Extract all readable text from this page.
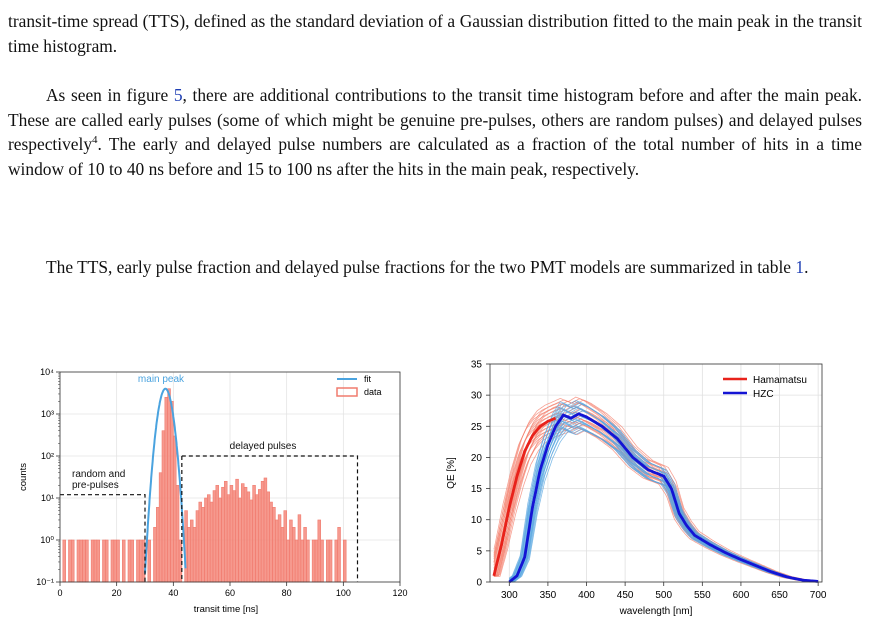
transit-time spread (TTS), defined as the standard deviation of a Gaussian distribution fitted to the main peak in the transit time histogram.

As seen in figure 5, there are additional contributions to the transit time histogram before and after the main peak. These are called early pulses (some of which might be genuine pre-pulses, others are random pulses) and delayed pulses respectively$^4$. The early and delayed pulse numbers are calculated as a fraction of the total number of hits in a time window of 10 to 40 ns before and 15 to 100 ns after the hits in the main peak, respectively.

The TTS, early pulse fraction and delayed pulse fractions for the two PMT models are summarized in table 1.

0	20	40	60	80	100	120
10⁻¹
10⁰
10¹
10²
10³
10⁴
counts
transit time [ns]
main peak
random and
pre-pulses
delayed pulses
fit
data
300 350 400 450 500 550 600 650 700
0
5
10
15
20
25
30
35
QE [%]
wavelength [nm]
Hamamatsu
HZC
